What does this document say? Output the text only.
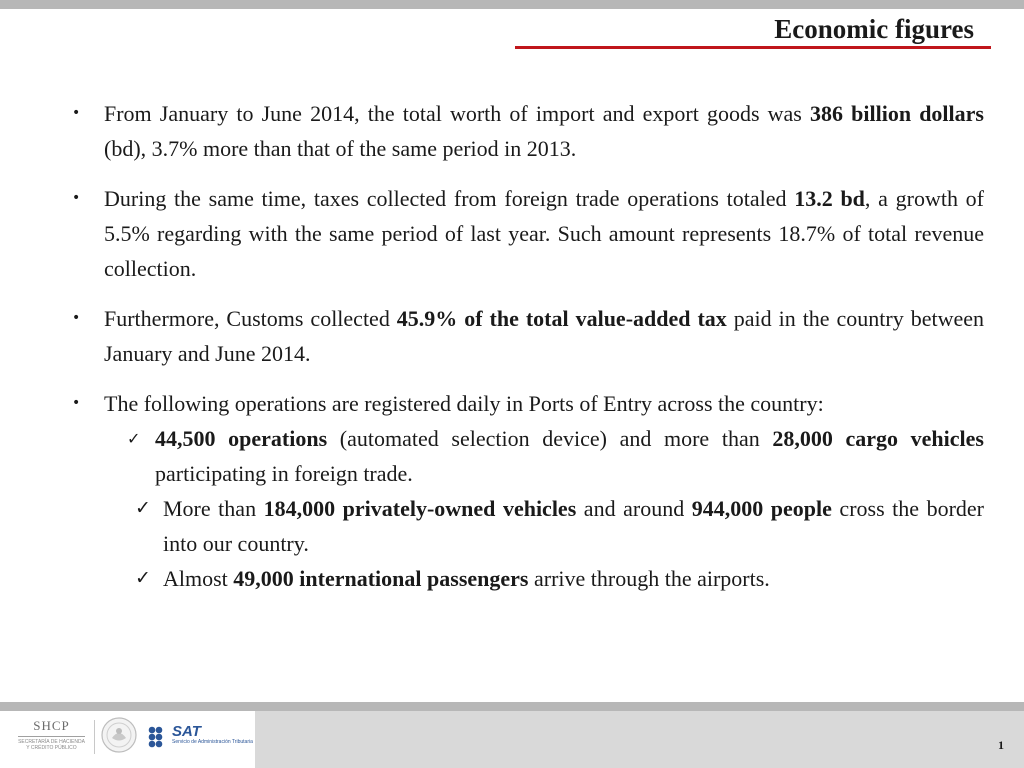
Economic figures
•	From January to June 2014, the total worth of import and export goods was 386 billion dollars (bd), 3.7% more than that of the same period in 2013.
•	During the same time, taxes collected from foreign trade operations totaled 13.2 bd, a growth of 5.5% regarding with the same period of last year. Such amount represents 18.7% of total revenue collection.
•	Furthermore, Customs collected 45.9% of the total value-added tax paid in the country between January and June 2014.
•	The following operations are registered daily in Ports of Entry across the country:
✓ 44,500 operations (automated selection device) and more than 28,000 cargo vehicles participating in foreign trade.
✓ More than 184,000 privately-owned vehicles and around 944,000 people cross the border into our country.
✓ Almost 49,000 international passengers arrive through the airports.
SHCP
SECRETARÍA DE HACIENDA
Y CRÉDITO PÚBLICO
SAT
Servicio de Administración Tributaria	1
